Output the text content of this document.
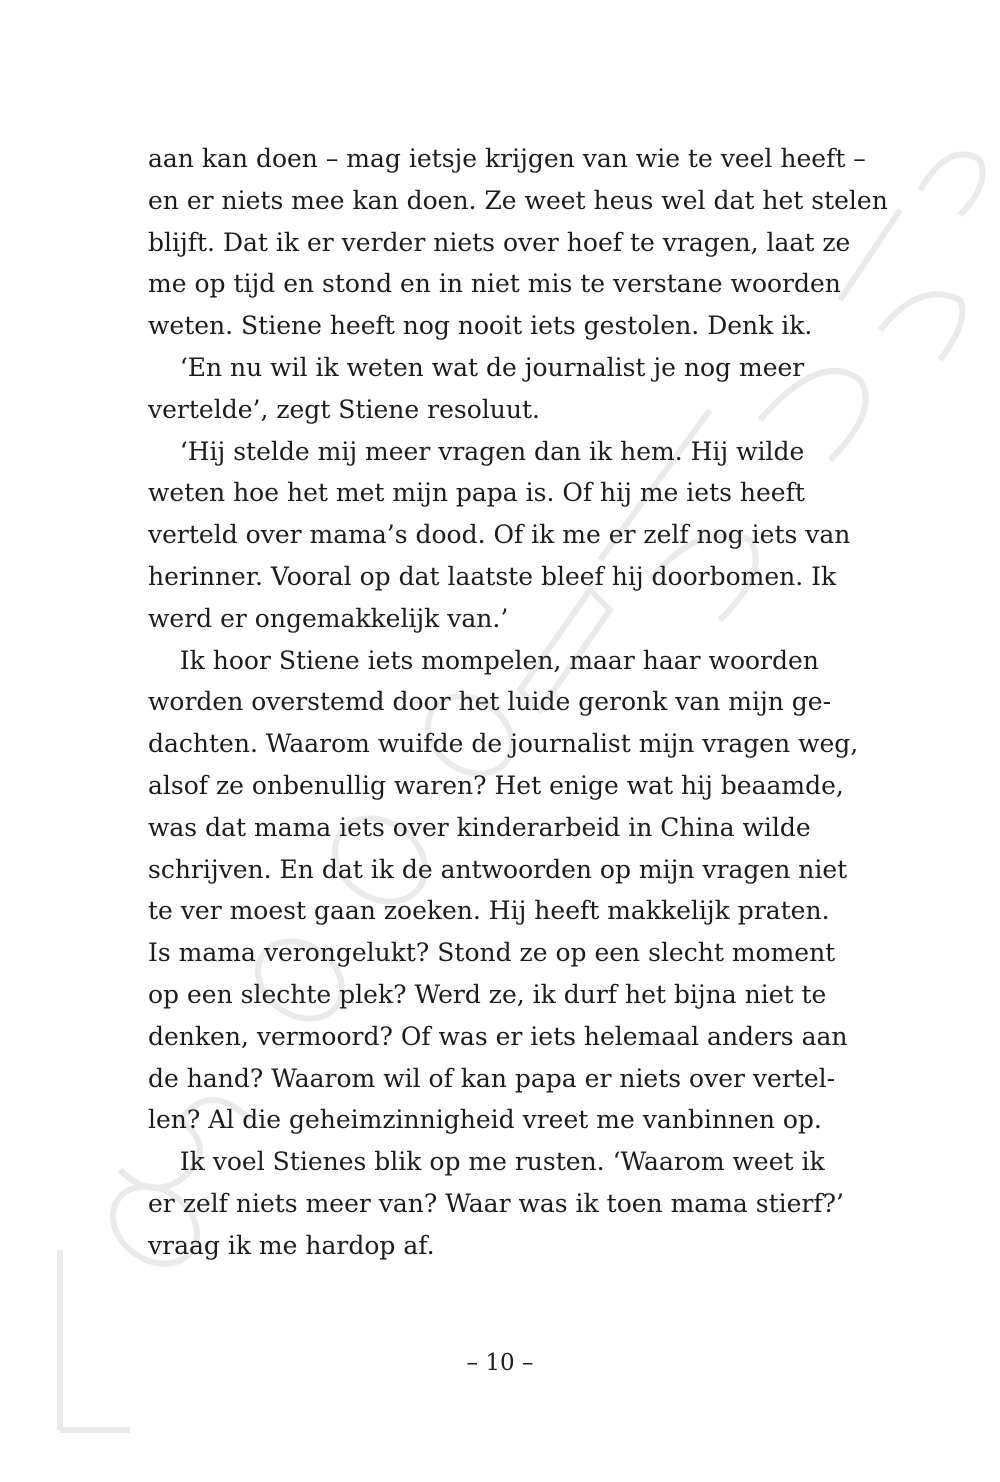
aan kan doen – mag ietsje krijgen van wie te veel heeft –
en er niets mee kan doen. Ze weet heus wel dat het stelen
blijft. Dat ik er verder niets over hoef te vragen, laat ze
me op tijd en stond en in niet mis te verstane woorden
weten. Stiene heeft nog nooit iets gestolen. Denk ik.
‘En nu wil ik weten wat de journalist je nog meer
vertelde’, zegt Stiene resoluut.
‘Hij stelde mij meer vragen dan ik hem. Hij wilde
weten hoe het met mijn papa is. Of hij me iets heeft
verteld over mama’s dood. Of ik me er zelf nog iets van
herinner. Vooral op dat laatste bleef hij doorbomen. Ik
werd er ongemakkelijk van.’
Ik hoor Stiene iets mompelen, maar haar woorden
worden overstemd door het luide geronk van mijn ge-
dachten. Waarom wuifde de journalist mijn vragen weg,
alsof ze onbenullig waren? Het enige wat hij beaamde,
was dat mama iets over kinderarbeid in China wilde
schrijven. En dat ik de antwoorden op mijn vragen niet
te ver moest gaan zoeken. Hij heeft makkelijk praten.
Is mama verongelukt? Stond ze op een slecht moment
op een slechte plek? Werd ze, ik durf het bijna niet te
denken, vermoord? Of was er iets helemaal anders aan
de hand? Waarom wil of kan papa er niets over vertel-
len? Al die geheimzinnigheid vreet me vanbinnen op.
Ik voel Stienes blik op me rusten. ‘Waarom weet ik
er zelf niets meer van? Waar was ik toen mama stierf?’
vraag ik me hardop af.
– 10 –
